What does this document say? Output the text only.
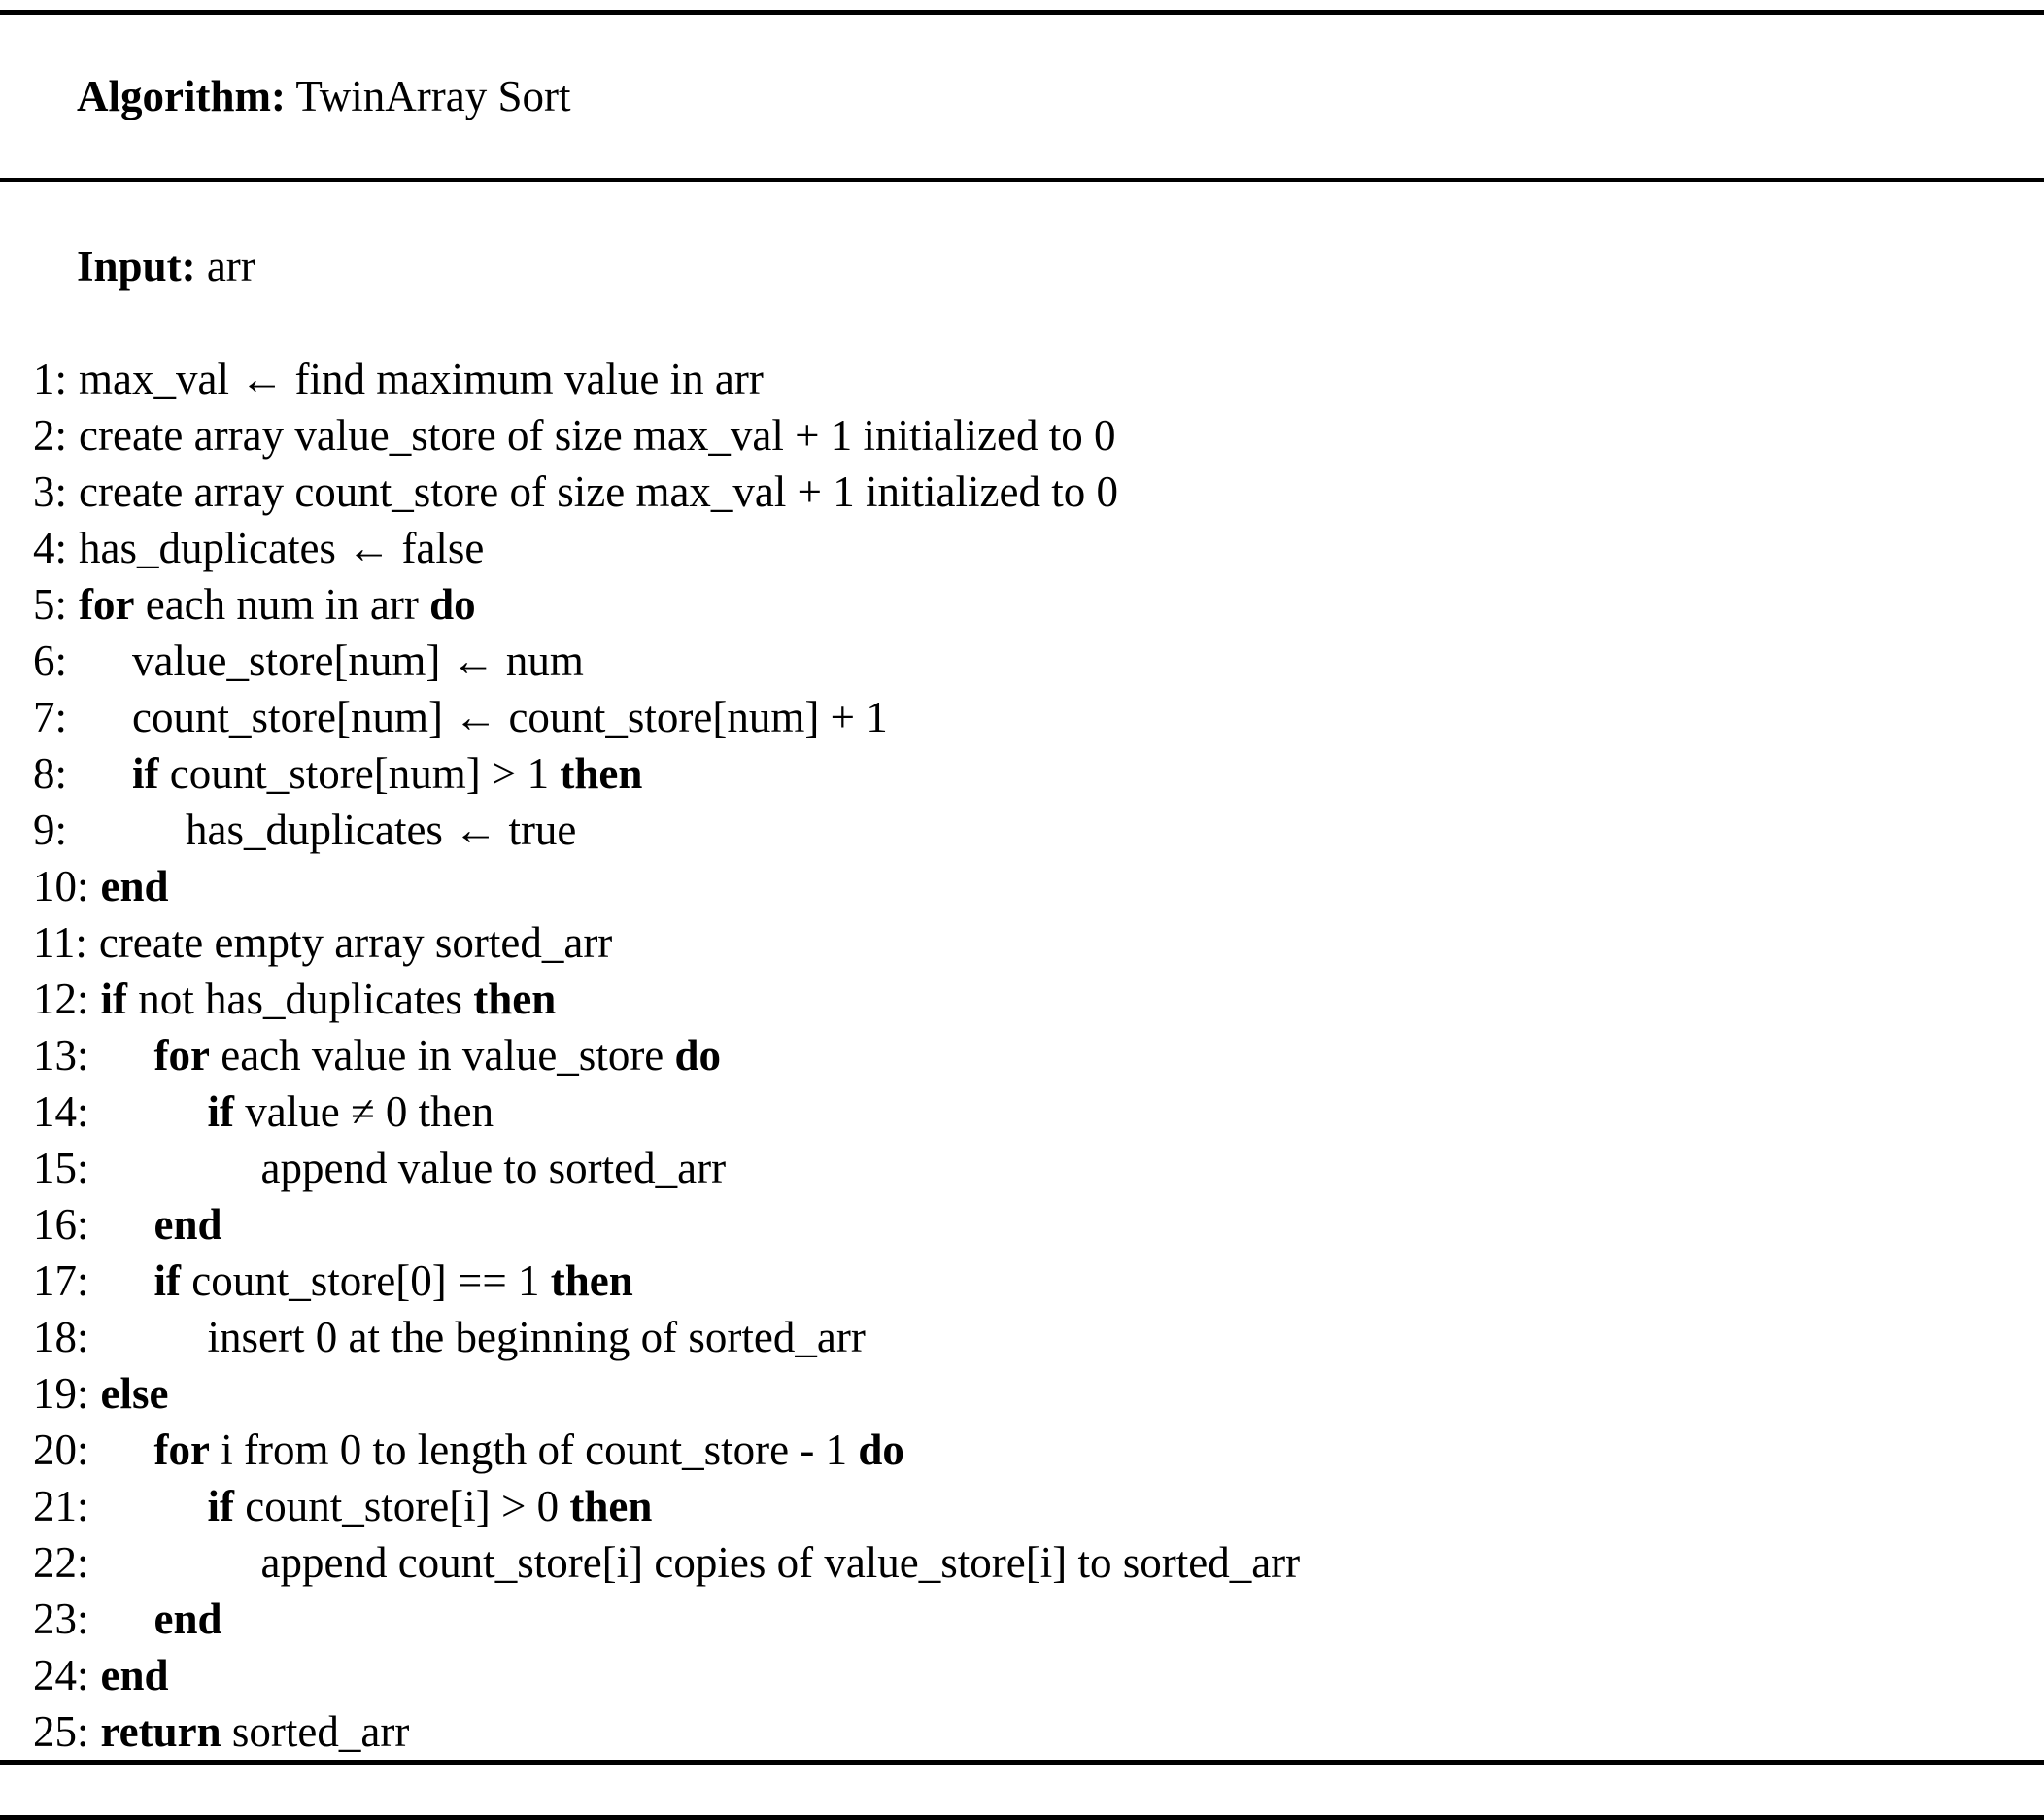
Algorithm: TwinArray Sort

Input: arr

1: max_val ← find maximum value in arr
2: create array value_store of size max_val + 1 initialized to 0
3: create array count_store of size max_val + 1 initialized to 0
4: has_duplicates ← false
5: for each num in arr do
6: value_store[num] ← num
7: count_store[num] ← count_store[num] + 1
8: if count_store[num] > 1 then
9:	has_duplicates ← true
10: end
11: create empty array sorted_arr
12: if not has_duplicates then
13: for each value in value_store do
14:	if value ≠ 0 then
15:	append value to sorted_arr
16: end
17: if count_store[0] == 1 then
18:	insert 0 at the beginning of sorted_arr
19: else
20: for i from 0 to length of count_store - 1 do
21:	if count_store[i] > 0 then
22:	append count_store[i] copies of value_store[i] to sorted_arr
23: end
24: end
25: return sorted_arr
